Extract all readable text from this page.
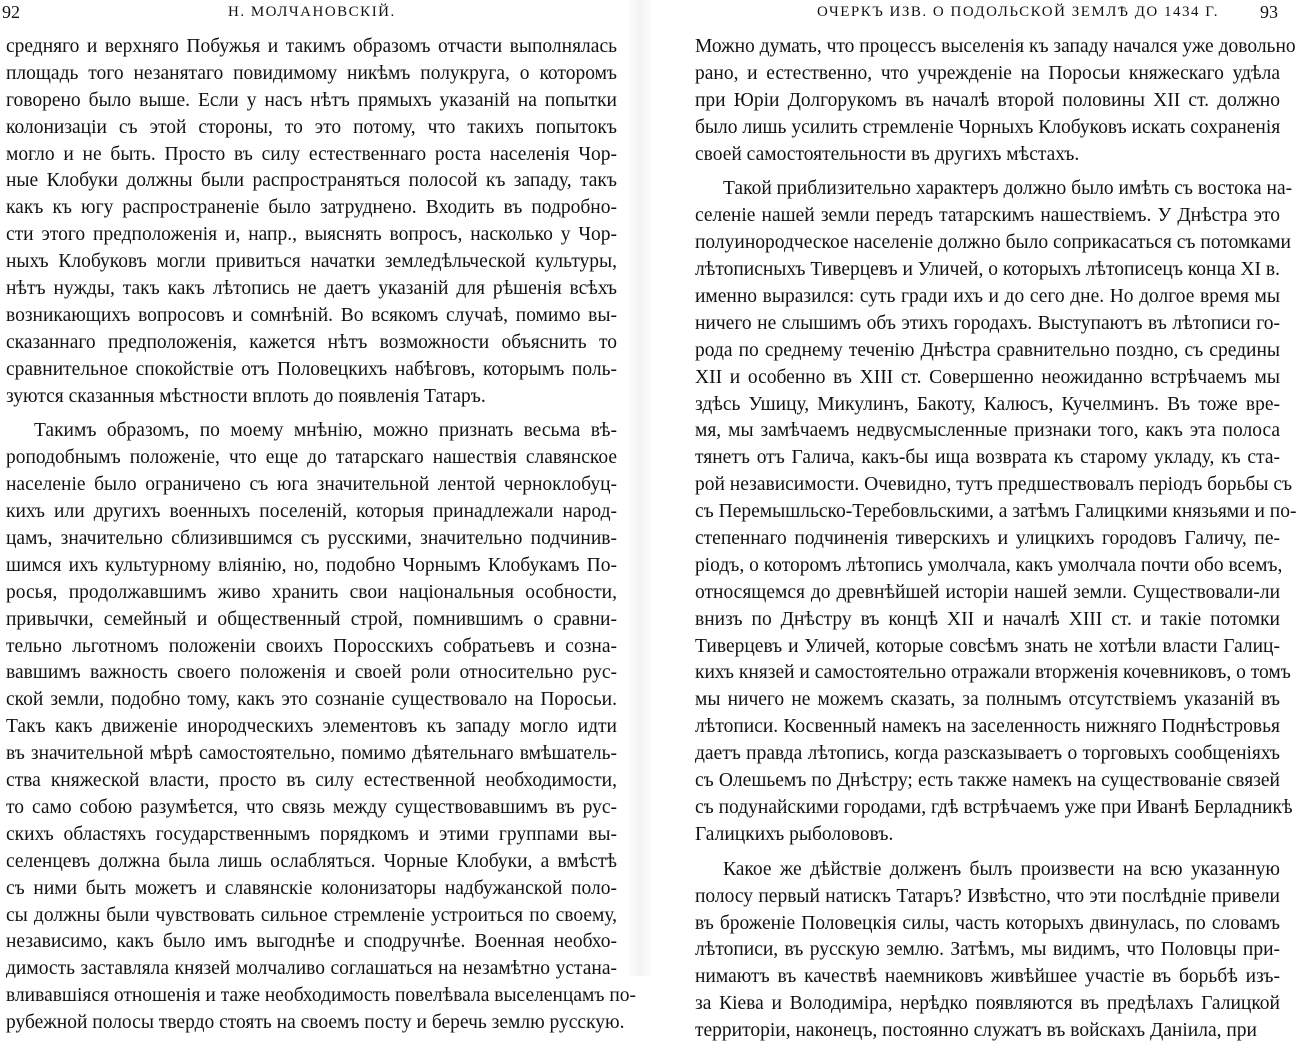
92	Н. МОЛЧАНОВСКІЙ.
средняго и верхняго Побужья и такимъ образомъ отчасти выполнялась
площадь того незанятаго повидимому никѣмъ полукруга, о которомъ
говорено было выше. Если у насъ нѣтъ прямыхъ указаній на попытки
колонизаціи съ этой стороны, то это потому, что такихъ попытокъ
могло и не быть. Просто въ силу естественнаго роста населенія Чор-
ные Клобуки должны были распространяться полосой къ западу, такъ
какъ къ югу распространеніе было затруднено. Входить въ подробно-
сти этого предположенія и, напр., выяснять вопросъ, насколько у Чор-
ныхъ Клобуковъ могли привиться начатки земледѣльческой культуры,
нѣтъ нужды, такъ какъ лѣтопись не даетъ указаній для рѣшенія всѣхъ
возникающихъ вопросовъ и сомнѣній. Во всякомъ случаѣ, помимо вы-
сказаннаго предположенія, кажется нѣтъ возможности объяснить то
сравнительное спокойствіе отъ Половецкихъ набѣговъ, которымъ поль-
зуются сказанныя мѣстности вплоть до появленія Татаръ.
Такимъ образомъ, по моему мнѣнію, можно признать весьма вѣ-
роподобнымъ положеніе, что еще до татарскаго нашествія славянское
населеніе было ограничено съ юга значительной лентой черноклобуц-
кихъ или другихъ военныхъ поселеній, которыя принадлежали народ-
цамъ, значительно сблизившимся съ русскими, значительно подчинив-
шимся ихъ культурному вліянію, но, подобно Чорнымъ Клобукамъ По-
росья, продолжавшимъ живо хранить свои національныя особности,
привычки, семейный и общественный строй, помнившимъ о сравни-
тельно льготномъ положеніи своихъ Поросскихъ собратьевъ и созна-
вавшимъ важность своего положенія и своей роли относительно рус-
ской земли, подобно тому, какъ это сознаніе существовало на Поросьи.
Такъ какъ движеніе инородческихъ элементовъ къ западу могло идти
въ значительной мѣрѣ самостоятельно, помимо дѣятельнаго вмѣшатель-
ства княжеской власти, просто въ силу естественной необходимости,
то само собою разумѣется, что связь между существовавшимъ въ рус-
скихъ областяхъ государственнымъ порядкомъ и этими группами вы-
селенцевъ должна была лишь ослабляться. Чорные Клобуки, а вмѣстѣ
съ ними быть можетъ и славянскіе колонизаторы надбужанской поло-
сы должны были чувствовать сильное стремленіе устроиться по своему,
независимо, какъ было имъ выгоднѣе и сподручнѣе. Военная необхо-
димость заставляла князей молчаливо соглашаться на незамѣтно устана-
вливавшіяся отношенія и таже необходимость повелѣвала выселенцамъ по-
рубежной полосы твердо стоять на своемъ посту и беречь землю русскую.
ОЧЕРКЪ ИЗВ. О ПОДОЛЬСКОЙ ЗЕМЛѢ ДО 1434 Г. 93
Можно думать, что процессъ выселенія къ западу начался уже довольно
рано, и естественно, что учрежденіе на Поросьи княжескаго удѣла
при Юріи Долгорукомъ въ началѣ второй половины XII ст. должно
было лишь усилить стремленіе Чорныхъ Клобуковъ искать сохраненія
своей самостоятельности въ другихъ мѣстахъ.
Такой приблизительно характеръ должно было имѣть съ востока на-
селеніе нашей земли передъ татарскимъ нашествіемъ. У Днѣстра это
полуинородческое населеніе должно было соприкасаться съ потомками
лѣтописныхъ Тиверцевъ и Уличей, о которыхъ лѣтописецъ конца XI в.
именно выразился: суть гради ихъ и до сего дне. Но долгое время мы
ничего не слышимъ объ этихъ городахъ. Выступаютъ въ лѣтописи го-
рода по среднему теченію Днѣстра сравнительно поздно, съ средины
XII и особенно въ XIII ст. Совершенно неожиданно встрѣчаемъ мы
здѣсь Ушицу, Микулинъ, Бакоту, Калюсъ, Кучелминъ. Въ тоже вре-
мя, мы замѣчаемъ недвусмысленные признаки того, какъ эта полоса
тянетъ отъ Галича, какъ-бы ища возврата къ старому укладу, къ ста-
рой независимости. Очевидно, тутъ предшествовалъ періодъ борьбы съ
съ Перемышльско-Теребовльскими, а затѣмъ Галицкими князьями и по-
степеннаго подчиненія тиверскихъ и улицкихъ городовъ Галичу, пе-
ріодъ, о которомъ лѣтопись умолчала, какъ умолчала почти обо всемъ,
относящемся до древнѣйшей исторіи нашей земли. Существовали-ли
внизъ по Днѣстру въ концѣ XII и началѣ XIII ст. и такіе потомки
Тиверцевъ и Уличей, которые совсѣмъ знать не хотѣли власти Галиц-
кихъ князей и самостоятельно отражали вторженія кочевниковъ, о томъ
мы ничего не можемъ сказать, за полнымъ отсутствіемъ указаній въ
лѣтописи. Косвенный намекъ на заселенность нижняго Поднѣстровья
даетъ правда лѣтопись, когда разсказываетъ о торговыхъ сообщеніяхъ
съ Олешьемъ по Днѣстру; есть также намекъ на существованіе связей
съ подунайскими городами, гдѣ встрѣчаемъ уже при Иванѣ Берладникѣ
Галицкихъ рыболововъ.
Какое же дѣйствіе долженъ былъ произвести на всю указанную
полосу первый натискъ Татаръ? Извѣстно, что эти послѣдніе привели
въ броженіе Половецкія силы, часть которыхъ двинулась, по словамъ
лѣтописи, въ русскую землю. Затѣмъ, мы видимъ, что Половцы при-
нимаютъ въ качествѣ наемниковъ живѣйшее участіе въ борьбѣ изъ-
за Кіева и Володиміра, нерѣдко появляются въ предѣлахъ Галицкой
территоріи, наконецъ, постоянно служатъ въ войскахъ Даніила, при
